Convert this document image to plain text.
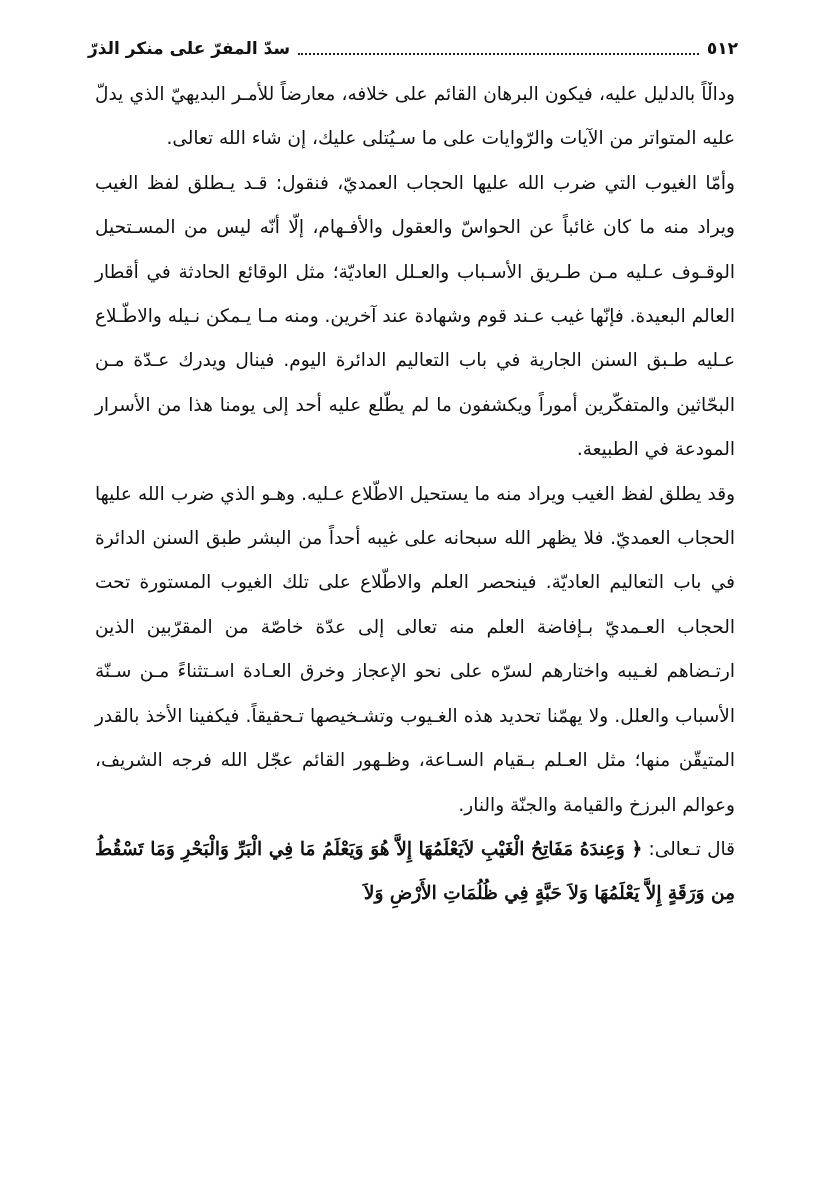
٥١٢
سدّ المفرّ على منكر الذرّ

وداڵاً بالدليل عليه، فيكون البرهان القائم على خلافه، معارضاً للأمـر البديهيّ الذي يدلّ عليه المتواتر من الآيات والرّوايات على ما سـيُتلى عليك، إن شاء الله تعالى.

وأمّا الغيوب التي ضرب الله عليها الحجاب العمديّ، فنقول: قـد يـطلق لفظ الغيب ويراد منه ما كان غائباً عن الحواسّ والعقول والأفـهام، إلّا أنّه ليس من المسـتحيل الوقـوف عـليه مـن طـريق الأسـباب والعـلل العاديّة؛ مثل الوقائع الحادثة في أقطار العالم البعيدة. فإنّها غيب عـند قوم وشهادة عند آخرين. ومنه مـا يـمكن نـيله والاطّـلاع عـليه طـبق السنن الجارية في باب التعاليم الدائرة اليوم. فينال ويدرك عـدّة مـن البحّاثين والمتفكّرين أموراً ويكشفون ما لم يطّلع عليه أحد إلى يومنا هذا من الأسرار المودعة في الطبيعة.

وقد يطلق لفظ الغيب ويراد منه ما يستحيل الاطّلاع عـليه. وهـو الذي ضرب الله عليها الحجاب العمديّ. فلا يظهر الله سبحانه على غيبه أحداً من البشر طبق السنن الدائرة في باب التعاليم العاديّة. فينحصر العلم والاطّلاع على تلك الغيوب المستورة تحت الحجاب العـمديّ بـإفاضة العلم منه تعالى إلى عدّة خاصّة من المقرّبين الذين ارتـضاهم لغـيبه واختارهم لسرّه على نحو الإعجاز وخرق العـادة اسـتثناءً مـن سـنّة الأسباب والعلل. ولا يهمّنا تحديد هذه الغـيوب وتشـخيصها تـحقيقاً. فيكفينا الأخذ بالقدر المتيقّن منها؛ مثل العـلم بـقيام السـاعة، وظـهور القائم عجّل الله فرجه الشريف، وعوالم البرزخ والقيامة والجنّة والنار.

قال تـعالى: ﴿ وَعِندَهُ مَفَاتِحُ الْغَيْبِ لاَيَعْلَمُهَا إِلاَّ هُوَ وَيَعْلَمُ مَا فِي الْبَرِّ وَالْبَحْرِ وَمَا تَسْقُطُ مِن وَرَقَةٍ إِلاَّ يَعْلَمُهَا وَلاَ حَبَّةٍ فِي ظُلُمَاتِ الأَرْضِ وَلاَ
